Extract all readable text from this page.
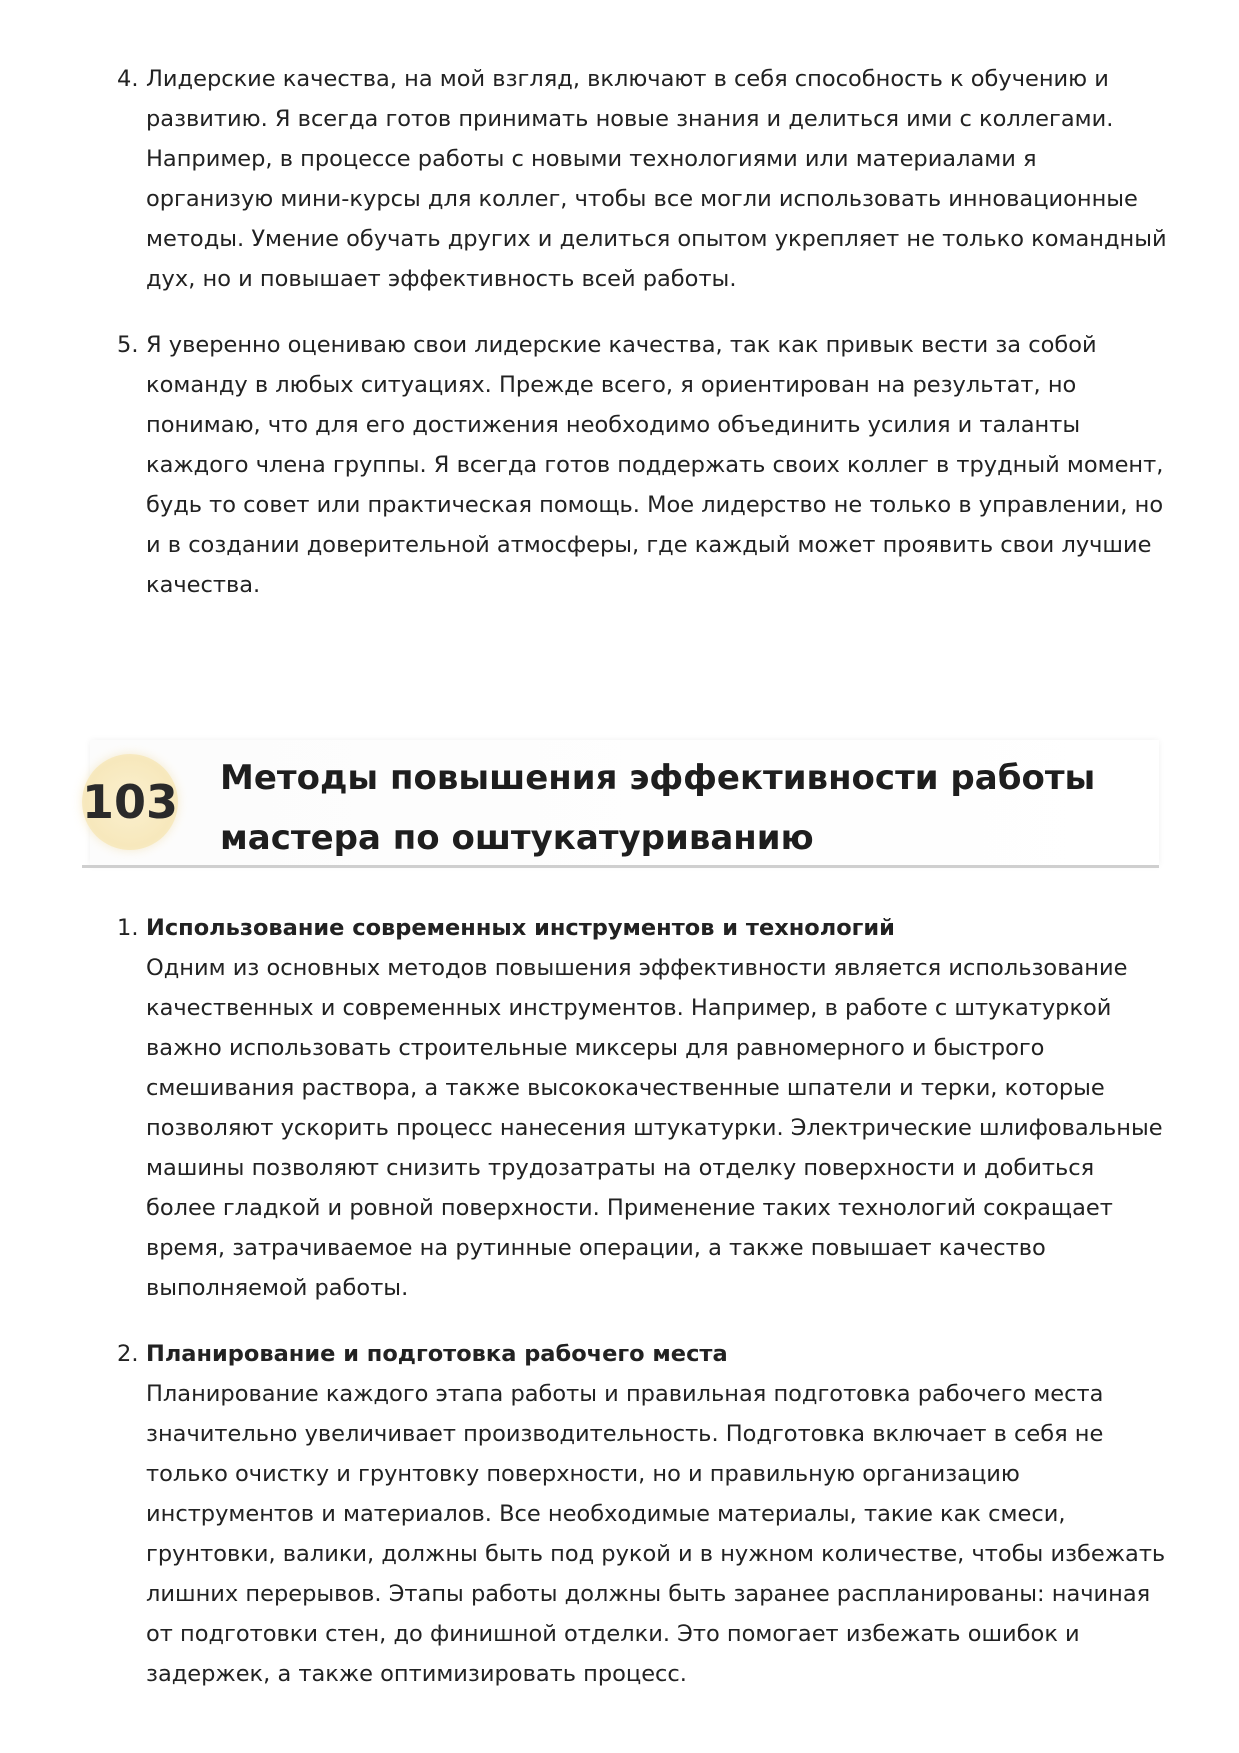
4. Лидерские качества, на мой взгляд, включают в себя способность к обучению и развитию. Я всегда готов принимать новые знания и делиться ими с коллегами. Например, в процессе работы с новыми технологиями или материалами я организую мини-курсы для коллег, чтобы все могли использовать инновационные методы. Умение обучать других и делиться опытом укрепляет не только командный дух, но и повышает эффективность всей работы.
5. Я уверенно оцениваю свои лидерские качества, так как привык вести за собой команду в любых ситуациях. Прежде всего, я ориентирован на результат, но понимаю, что для его достижения необходимо объединить усилия и таланты каждого члена группы. Я всегда готов поддержать своих коллег в трудный момент, будь то совет или практическая помощь. Мое лидерство не только в управлении, но и в создании доверительной атмосферы, где каждый может проявить свои лучшие качества.
103 Методы повышения эффективности работы мастера по оштукатуриванию
1. Использование современных инструментов и технологий
Одним из основных методов повышения эффективности является использование качественных и современных инструментов. Например, в работе с штукатуркой важно использовать строительные миксеры для равномерного и быстрого смешивания раствора, а также высококачественные шпатели и терки, которые позволяют ускорить процесс нанесения штукатурки. Электрические шлифовальные машины позволяют снизить трудозатраты на отделку поверхности и добиться более гладкой и ровной поверхности. Применение таких технологий сокращает время, затрачиваемое на рутинные операции, а также повышает качество выполняемой работы.
2. Планирование и подготовка рабочего места
Планирование каждого этапа работы и правильная подготовка рабочего места значительно увеличивает производительность. Подготовка включает в себя не только очистку и грунтовку поверхности, но и правильную организацию инструментов и материалов. Все необходимые материалы, такие как смеси, грунтовки, валики, должны быть под рукой и в нужном количестве, чтобы избежать лишних перерывов. Этапы работы должны быть заранее распланированы: начиная от подготовки стен, до финишной отделки. Это помогает избежать ошибок и задержек, а также оптимизировать процесс.
